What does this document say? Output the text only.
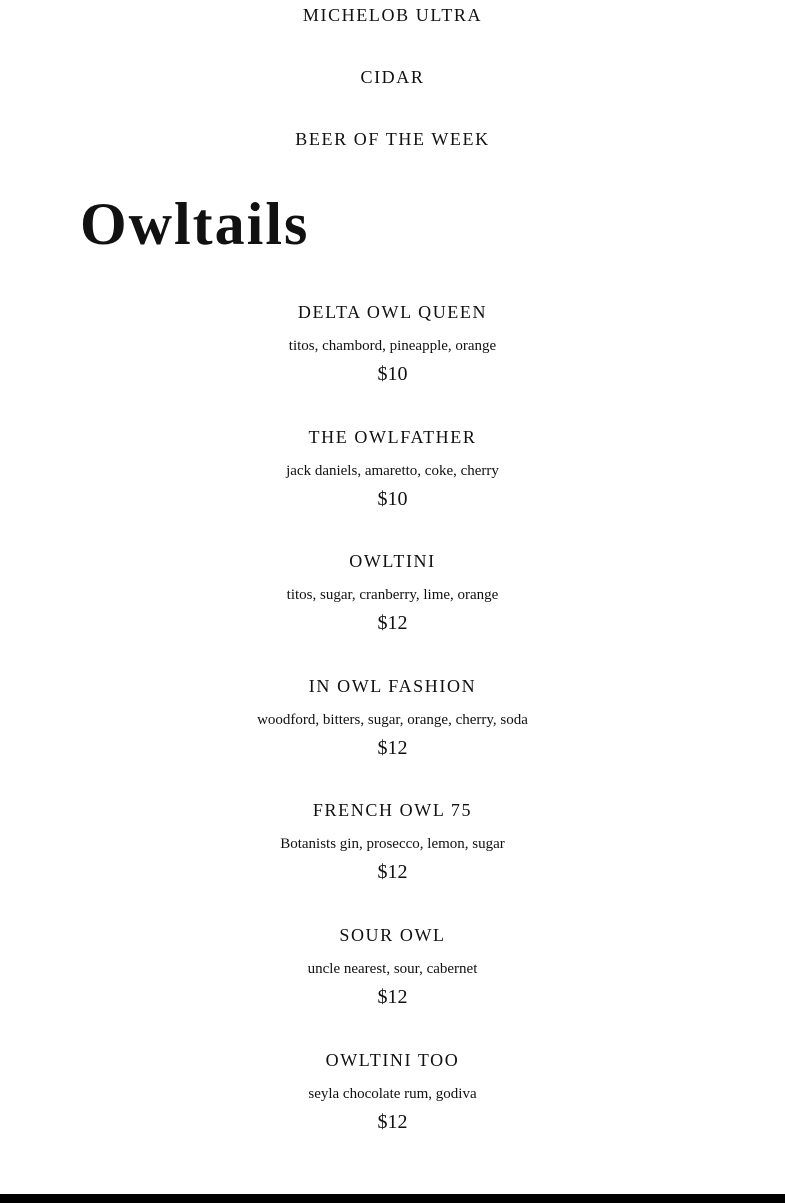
MICHELOB ULTRA
CIDAR
BEER OF THE WEEK
Owltails
DELTA OWL QUEEN
titos, chambord, pineapple, orange
$10
THE OWLFATHER
jack daniels, amaretto, coke, cherry
$10
OWLTINI
titos, sugar, cranberry, lime, orange
$12
IN OWL FASHION
woodford, bitters, sugar, orange, cherry, soda
$12
FRENCH OWL 75
Botanists gin, prosecco, lemon, sugar
$12
SOUR OWL
uncle nearest, sour, cabernet
$12
OWLTINI TOO
seyla chocolate rum, godiva
$12
